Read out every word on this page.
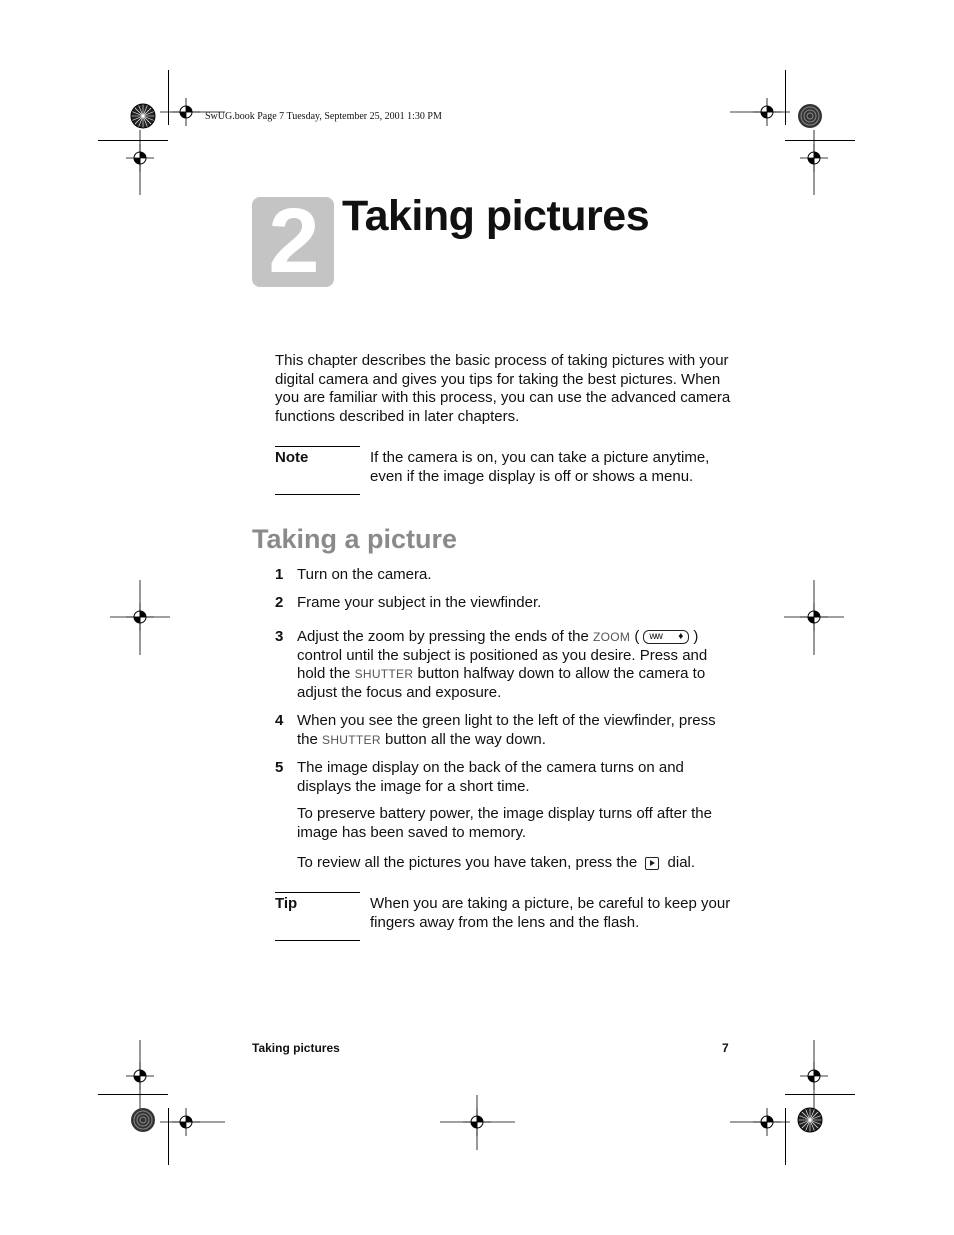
SwUG.book Page 7 Tuesday, September 25, 2001 1:30 PM
2 Taking pictures
This chapter describes the basic process of taking pictures with your digital camera and gives you tips for taking the best pictures. When you are familiar with this process, you can use the advanced camera functions described in later chapters.
Note	If the camera is on, you can take a picture anytime, even if the image display is off or shows a menu.
Taking a picture
1 Turn on the camera.
2 Frame your subject in the viewfinder.
3 Adjust the zoom by pressing the ends of the ZOOM ( ww ♦ ) control until the subject is positioned as you desire. Press and hold the SHUTTER button halfway down to allow the camera to adjust the focus and exposure.
4 When you see the green light to the left of the viewfinder, press the SHUTTER button all the way down.
5 The image display on the back of the camera turns on and displays the image for a short time.
To preserve battery power, the image display turns off after the image has been saved to memory.
To review all the pictures you have taken, press the dial.
Tip	When you are taking a picture, be careful to keep your fingers away from the lens and the flash.
Taking pictures	7
